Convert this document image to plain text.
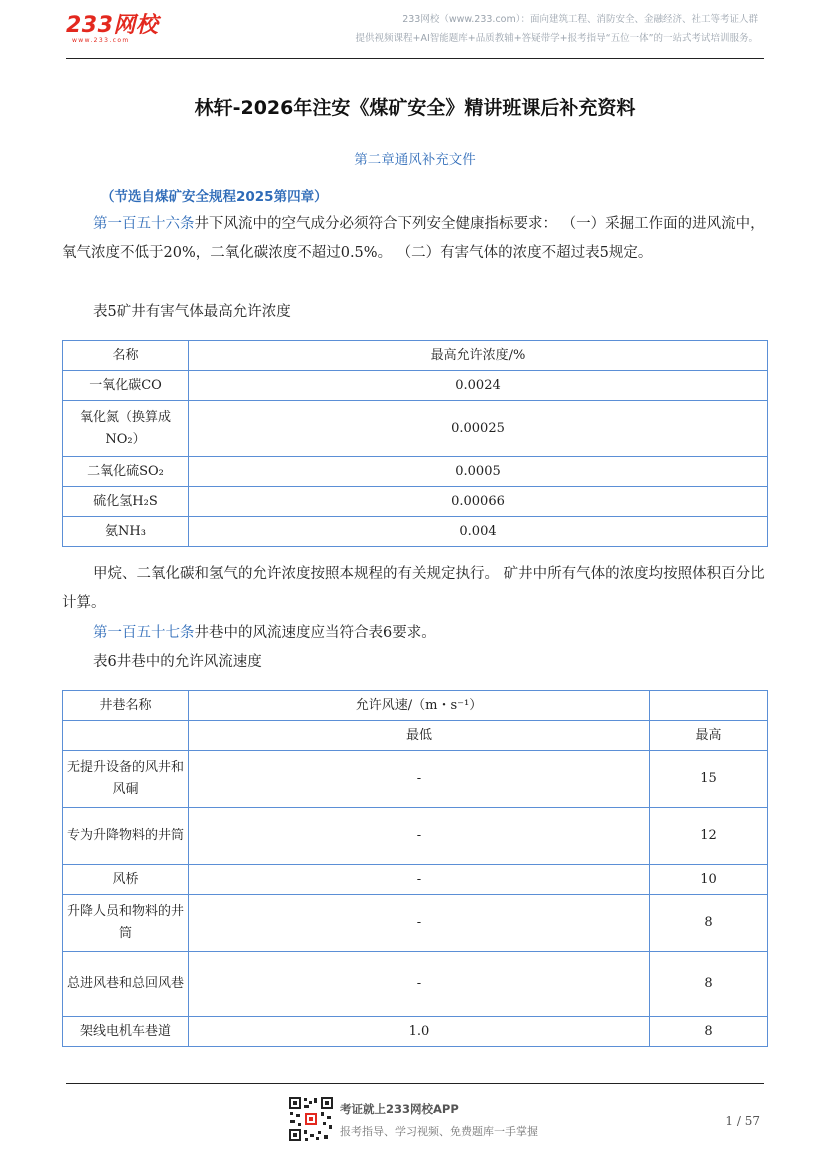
233网校
www.233.com
233网校（www.233.com）：面向建筑工程、消防安全、金融经济、社工等考证人群
提供视频课程+AI智能题库+品质教辅+答疑带学+报考指导“五位一体”的一站式考试培训服务。
林轩-2026年注安《煤矿安全》精讲班课后补充资料
第二章通风补充文件
（节选自煤矿安全规程2025第四章）
第一百五十六条井下风流中的空气成分必须符合下列安全健康指标要求： （一）采掘工作面的进风流中，氧气浓度不低于20%，二氧化碳浓度不超过0.5%。 （二）有害气体的浓度不超过表5规定。
表5矿井有害气体最高允许浓度
名称	最高允许浓度/%
一氧化碳CO	0.0024
氧化氮（换算成NO₂）	0.00025
二氧化硫SO₂	0.0005
硫化氢H₂S	0.00066
氨NH₃	0.004
甲烷、二氧化碳和氢气的允许浓度按照本规程的有关规定执行。 矿井中所有气体的浓度均按照体积百分比计算。
第一百五十七条井巷中的风流速度应当符合表6要求。
表6井巷中的允许风流速度
井巷名称	允许风速/（m・s⁻¹）	
	最低	最高
无提升设备的风井和风硐	-	15
专为升降物料的井筒	-	12
风桥	-	10
升降人员和物料的井筒	-	8
总进风巷和总回风巷	-	8
架线电机车巷道	1.0	8
考证就上233网校APP
报考指导、学习视频、免费题库一手掌握
1 / 57
